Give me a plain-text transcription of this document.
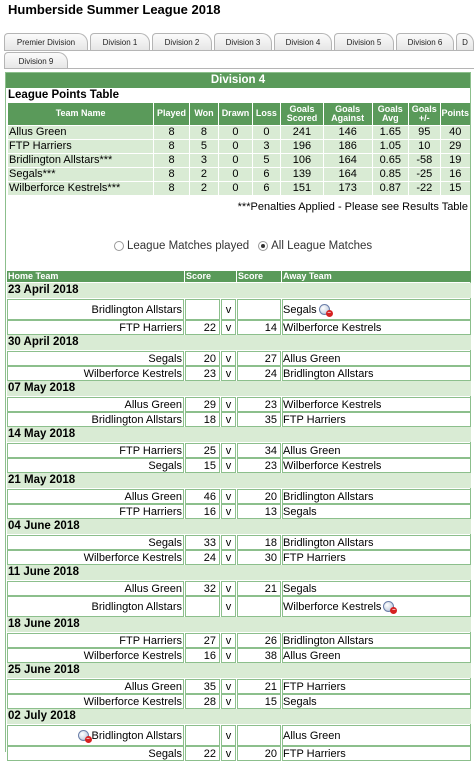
Humberside Summer League 2018
Premier Division	Division 1	Division 2	Division 3	Division 4	Division 5	Division 6	D
Division 9
Division 4
League Points Table
Team Name	Played	Won	Drawn	Loss	Goals Scored	Goals Against	Goals Avg	Goals +/-	Points
Allus Green	8	8	0	0	241	146	1.65	95	40
FTP Harriers	8	5	0	3	196	186	1.05	10	29
Bridlington Allstars***	8	3	0	5	106	164	0.65	-58	19
Segals***	8	2	0	6	139	164	0.85	-25	16
Wilberforce Kestrels***	8	2	0	6	151	173	0.87	-22	15
***Penalties Applied - Please see Results Table
League Matches played All League Matches
Home Team	Score	Score	Away Team
23 April 2018
Bridlington Allstars	v	Segals	–
FTP Harriers	22 v	14 Wilberforce Kestrels
30 April 2018
Segals	20 v	27 Allus Green
Wilberforce Kestrels	23 v	24 Bridlington Allstars
07 May 2018
Allus Green	29 v	23 Wilberforce Kestrels
Bridlington Allstars	18 v	35 FTP Harriers
14 May 2018
FTP Harriers	25 v	34 Allus Green
Segals	15 v	23 Wilberforce Kestrels
21 May 2018
Allus Green	46 v	20 Bridlington Allstars
FTP Harriers	16 v	13 Segals
04 June 2018
Segals	33 v	18 Bridlington Allstars
Wilberforce Kestrels	24 v	30 FTP Harriers
11 June 2018
Allus Green	32 v	21 Segals
Bridlington Allstars	v	Wilberforce Kestrels	–
18 June 2018
FTP Harriers	27 v	26 Bridlington Allstars
Wilberforce Kestrels	16 v	38 Allus Green
25 June 2018
Allus Green	35 v	21 FTP Harriers
Wilberforce Kestrels	28 v	15 Segals
02 July 2018
– Bridlington Allstars	v	Allus Green
Segals	22 v	20 FTP Harriers
